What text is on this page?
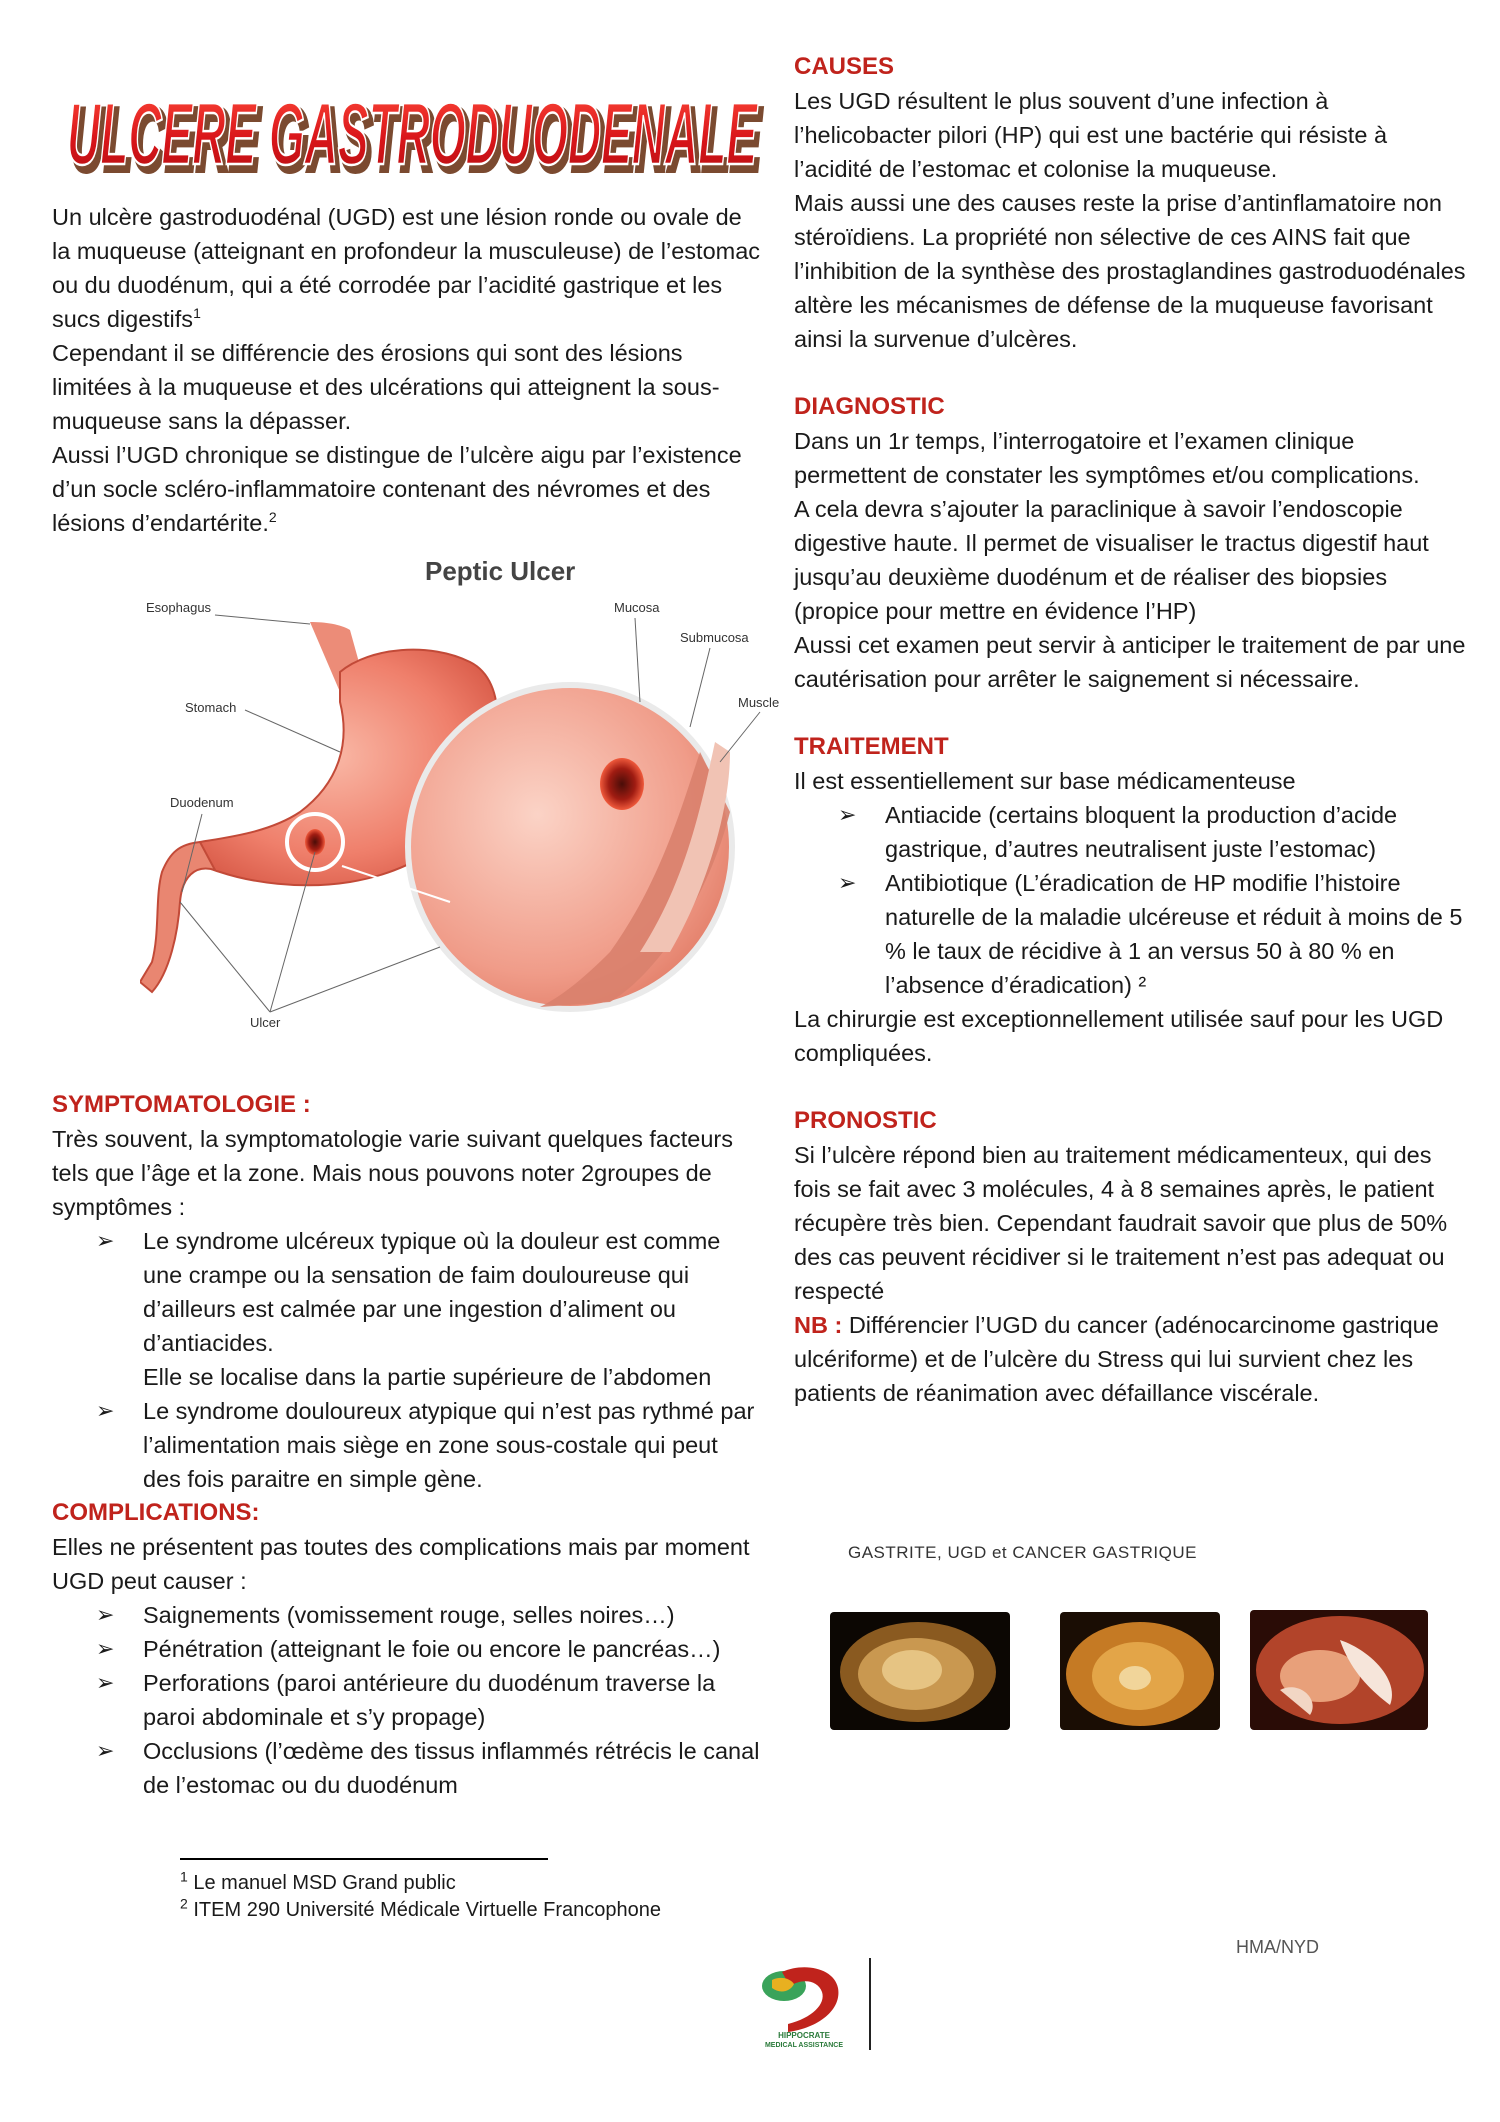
ULCERE GASTRODUODENALE
ULCERE GASTRODUODENALE

Un ulcère gastroduodénal (UGD) est une lésion ronde ou ovale de la muqueuse (atteignant en profondeur la musculeuse) de l’estomac ou du duodénum, qui a été corrodée par l’acidité gastrique et les sucs digestifs$^1$

Cependant il se différencie des érosions qui sont des lésions limitées à la muqueuse et des ulcérations qui atteignent la sous-muqueuse sans la dépasser.

Aussi l’UGD chronique se distingue de l’ulcère aigu par l’existence d’un socle scléro-inflammatoire contenant des névromes et des lésions d’endartérite.$^2$

SYMPTOMATOLOGIE :

Très souvent, la symptomatologie varie suivant quelques facteurs tels que l’âge et la zone. Mais nous pouvons noter 2groupes de symptômes :

➢ Le syndrome ulcéreux typique où la douleur est comme une crampe ou la sensation de faim douloureuse qui d’ailleurs est calmée par une ingestion d’aliment ou d’antiacides.
Elle se localise dans la partie supérieure de l’abdomen
➢ Le syndrome douloureux atypique qui n’est pas rythmé par l’alimentation mais siège en zone sous-costale qui peut des fois paraitre en simple gène.

COMPLICATIONS:

Elles ne présentent pas toutes des complications mais par moment UGD peut causer :

➢ Saignements (vomissement rouge, selles noires…)
➢ Pénétration (atteignant le foie ou encore le pancréas…)
➢ Perforations (paroi antérieure du duodénum traverse la paroi abdominale et s’y propage)
➢ Occlusions (l’œdème des tissus inflammés rétrécis le canal de l’estomac ou du duodénum
Peptic Ulcer
Esophagus
Stomach
Duodenum
Ulcer
Mucosa
Submucosa
Muscle
$^1$ Le manuel MSD Grand public
$^2$ ITEM 290 Université Médicale Virtuelle Francophone

CAUSES

Les UGD résultent le plus souvent d’une infection à l’helicobacter pilori (HP) qui est une bactérie qui résiste à l’acidité de l’estomac et colonise la muqueuse.

Mais aussi une des causes reste la prise d’antinflamatoire non stéroïdiens. La propriété non sélective de ces AINS fait que l’inhibition de la synthèse des prostaglandines gastroduodénales altère les mécanismes de défense de la muqueuse favorisant ainsi la survenue d’ulcères.

DIAGNOSTIC

Dans un 1r temps, l’interrogatoire et l’examen clinique permettent de constater les symptômes et/ou complications.

A cela devra s’ajouter la paraclinique à savoir l’endoscopie digestive haute. Il permet de visualiser le tractus digestif haut jusqu’au deuxième duodénum et de réaliser des biopsies (propice pour mettre en évidence l’HP)

Aussi cet examen peut servir à anticiper le traitement de par une cautérisation pour arrêter le saignement si nécessaire.

TRAITEMENT

Il est essentiellement sur base médicamenteuse

➢ Antiacide (certains bloquent la production d’acide gastrique, d’autres neutralisent juste l’estomac)
➢ Antibiotique (L’éradication de HP modifie l’histoire naturelle de la maladie ulcéreuse et réduit à moins de 5 % le taux de récidive à 1 an versus 50 à 80 % en l’absence d’éradication) ²

La chirurgie est exceptionnellement utilisée sauf pour les UGD compliquées.

PRONOSTIC

Si l’ulcère répond bien au traitement médicamenteux, qui des fois se fait avec 3 molécules, 4 à 8 semaines après, le patient récupère très bien. Cependant faudrait savoir que plus de 50% des cas peuvent récidiver si le traitement n’est pas adequat ou respecté

NB : Différencier l’UGD du cancer (adénocarcinome gastrique ulcériforme) et de l’ulcère du Stress qui lui survient chez les patients de réanimation avec défaillance viscérale.

GASTRITE, UGD et CANCER GASTRIQUE
HMA/NYD
HIPPOCRATE
MEDICAL ASSISTANCE
